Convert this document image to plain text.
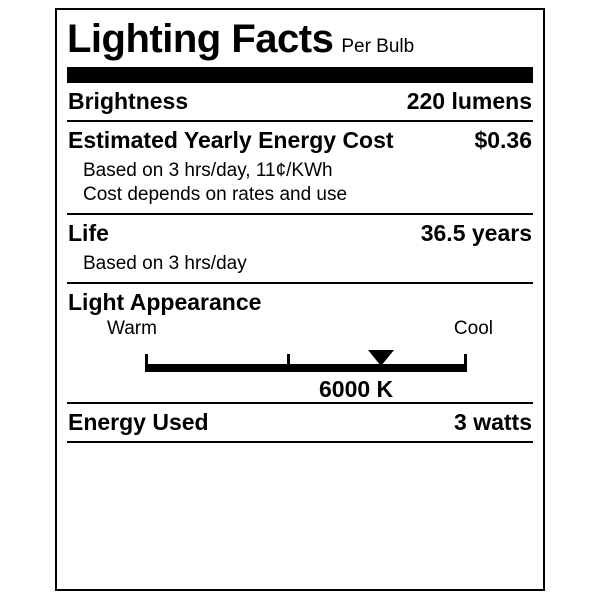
Lighting Facts Per Bulb
Brightness	220 lumens
Estimated Yearly Energy Cost	$0.36
Based on 3 hrs/day, 11¢/KWh
Cost depends on rates and use
Life	36.5 years
Based on 3 hrs/day
Light Appearance
Warm	Cool
6000 K
Energy Used	3 watts
